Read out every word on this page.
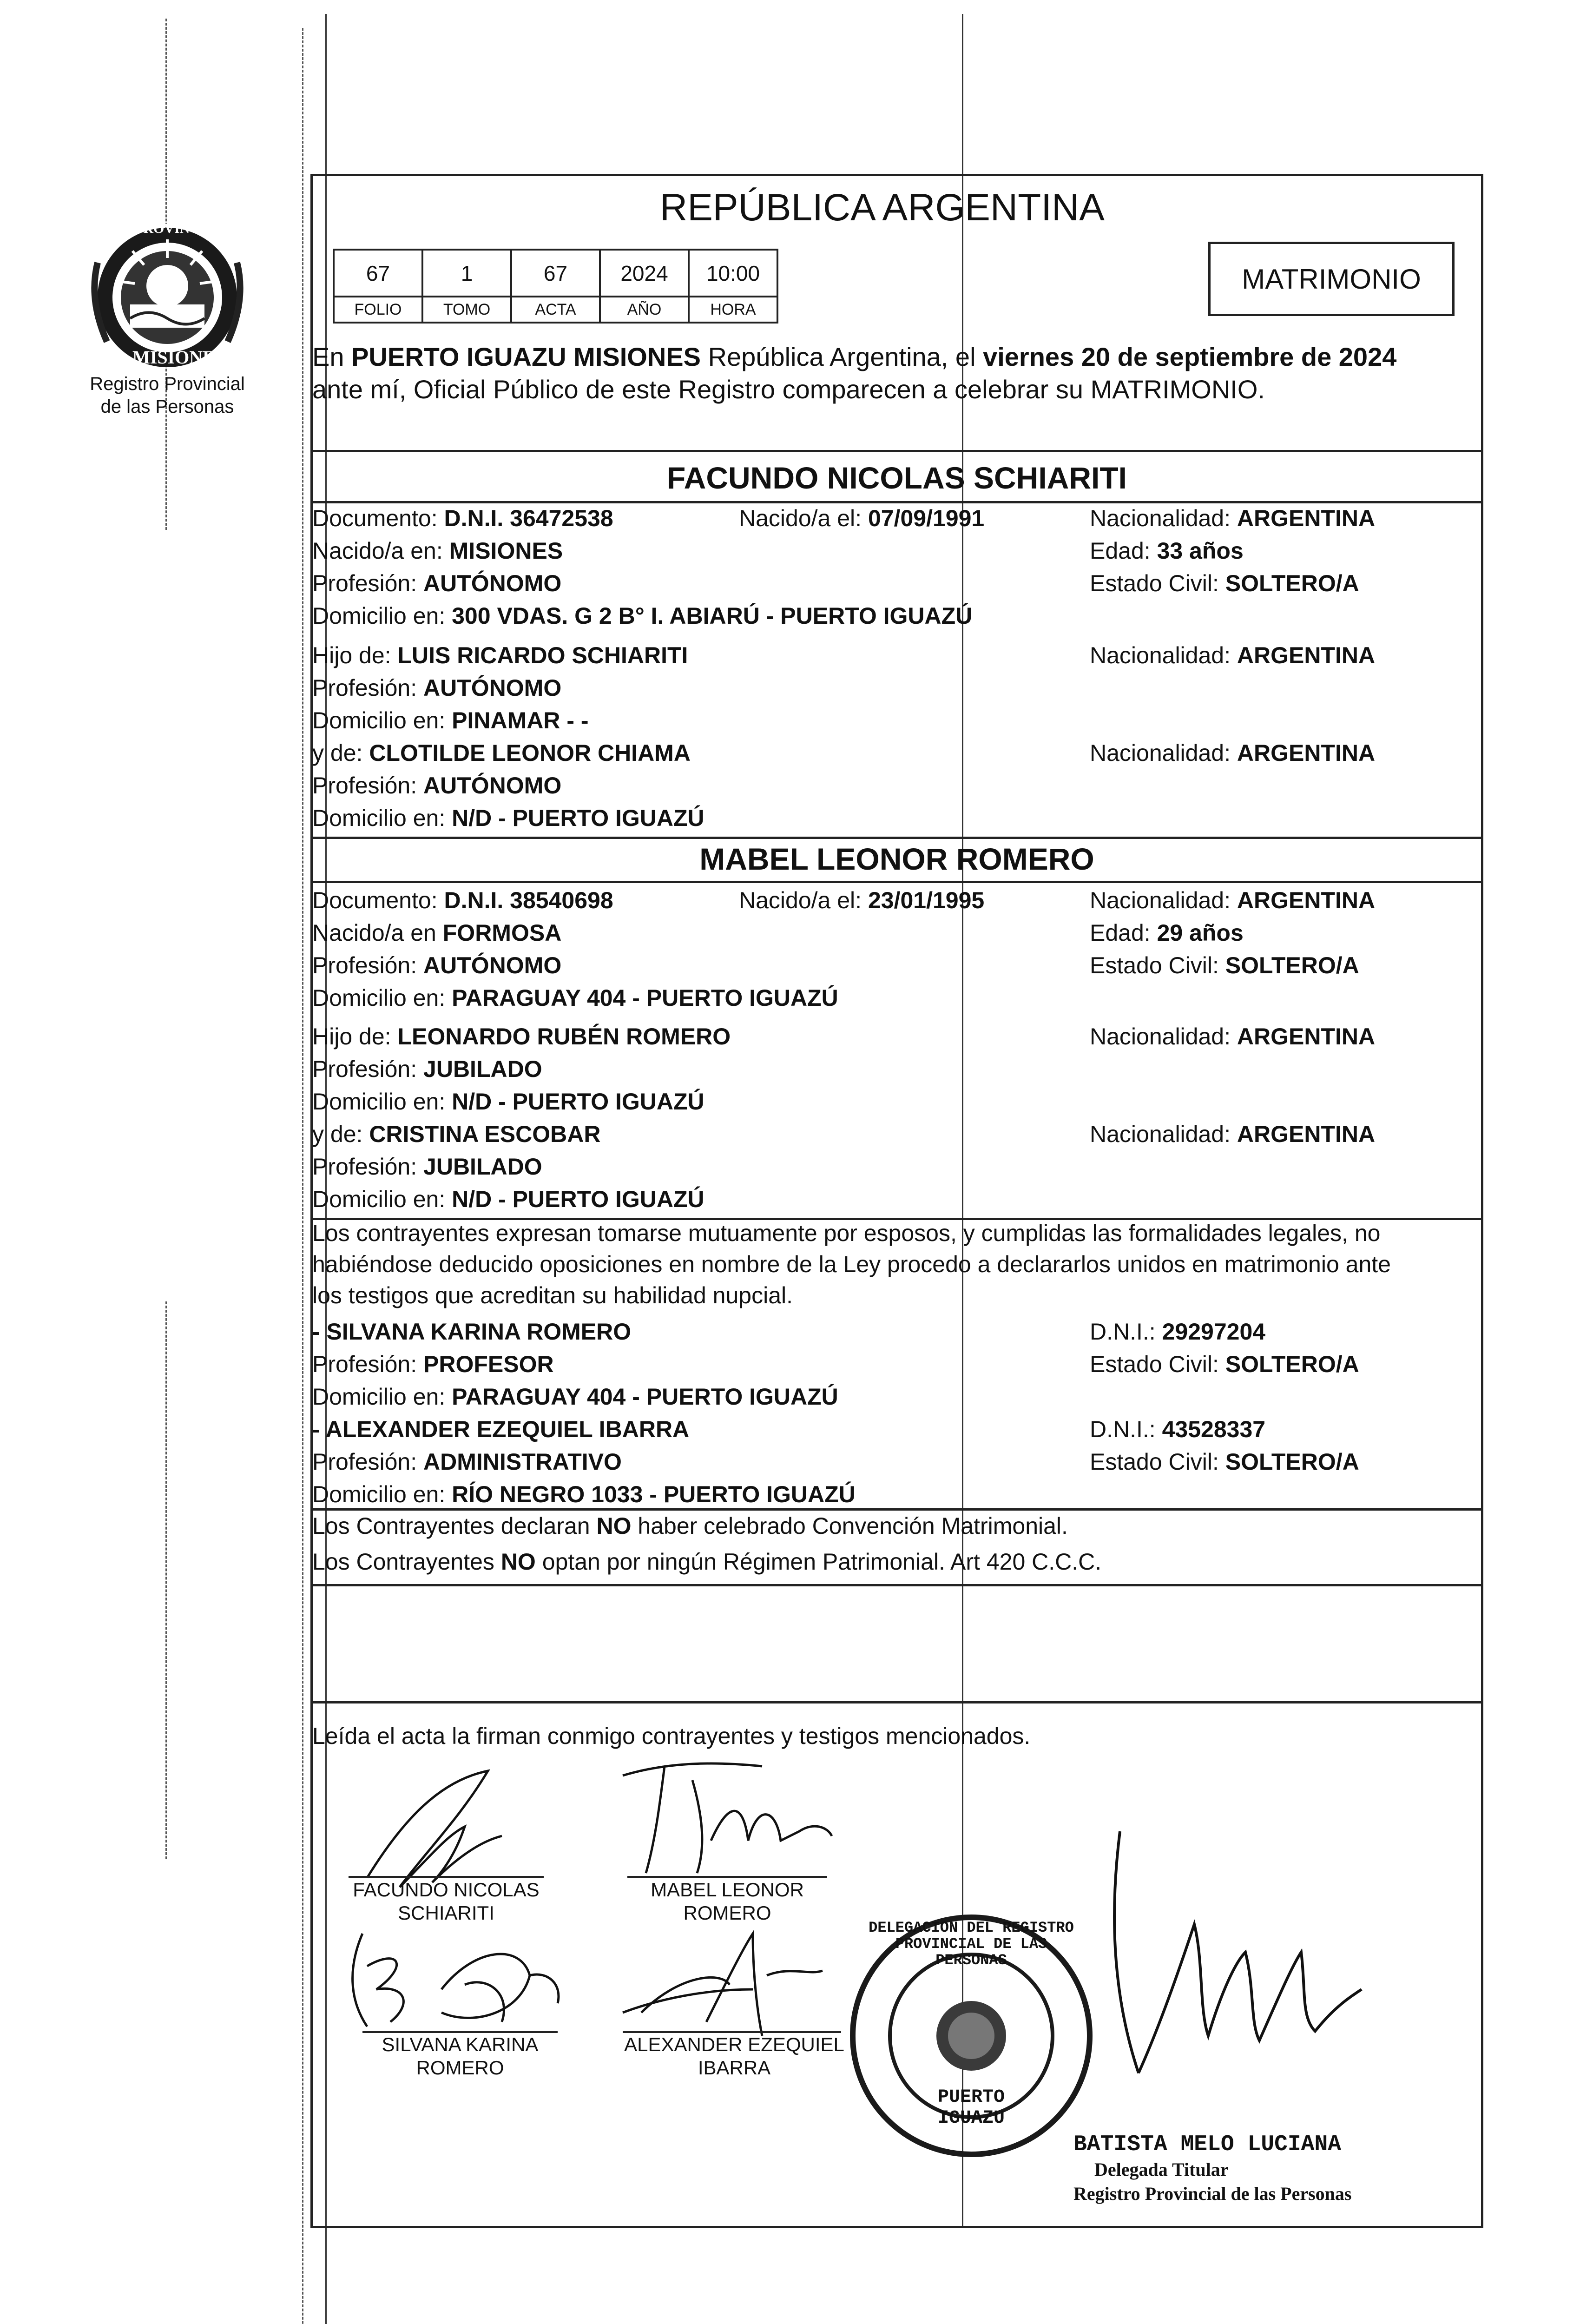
PROVINCIA DE
MISIONES
Registro Provincial
de las Personas
REPÚBLICA ARGENTINA
MATRIMONIO
67	1	67	2024	10:00
FOLIO	TOMO	ACTA	AÑO	HORA
En PUERTO IGUAZU MISIONES República Argentina, el viernes 20 de septiembre de 2024
ante mí, Oficial Público de este Registro comparecen a celebrar su MATRIMONIO.
FACUNDO NICOLAS SCHIARITI
Documento: D.N.I. 36472538	Nacido/a el: 07/09/1991	Nacionalidad: ARGENTINA
Nacido/a en: MISIONES	Edad: 33 años
Profesión: AUTÓNOMO	Estado Civil: SOLTERO/A
Domicilio en: 300 VDAS. G 2 B° I. ABIARÚ - PUERTO IGUAZÚ
Hijo de: LUIS RICARDO SCHIARITI	Nacionalidad: ARGENTINA
Profesión: AUTÓNOMO
Domicilio en: PINAMAR - -
y de: CLOTILDE LEONOR CHIAMA	Nacionalidad: ARGENTINA
Profesión: AUTÓNOMO
Domicilio en: N/D - PUERTO IGUAZÚ
MABEL LEONOR ROMERO
Documento: D.N.I. 38540698	Nacido/a el: 23/01/1995	Nacionalidad: ARGENTINA
Nacido/a en FORMOSA	Edad: 29 años
Profesión: AUTÓNOMO	Estado Civil: SOLTERO/A
Domicilio en: PARAGUAY 404 - PUERTO IGUAZÚ
Hijo de: LEONARDO RUBÉN ROMERO	Nacionalidad: ARGENTINA
Profesión: JUBILADO
Domicilio en: N/D - PUERTO IGUAZÚ
y de: CRISTINA ESCOBAR	Nacionalidad: ARGENTINA
Profesión: JUBILADO
Domicilio en: N/D - PUERTO IGUAZÚ
Los contrayentes expresan tomarse mutuamente por esposos, y cumplidas las formalidades legales, no
habiéndose deducido oposiciones en nombre de la Ley procedo a declararlos unidos en matrimonio ante
los testigos que acreditan su habilidad nupcial.
- SILVANA KARINA ROMERO	D.N.I.: 29297204
Profesión: PROFESOR	Estado Civil: SOLTERO/A
Domicilio en: PARAGUAY 404 - PUERTO IGUAZÚ
- ALEXANDER EZEQUIEL IBARRA	D.N.I.: 43528337
Profesión: ADMINISTRATIVO	Estado Civil: SOLTERO/A
Domicilio en: RÍO NEGRO 1033 - PUERTO IGUAZÚ
Los Contrayentes declaran NO haber celebrado Convención Matrimonial.
Los Contrayentes NO optan por ningún Régimen Patrimonial. Art 420 C.C.C.
Leída el acta la firman conmigo contrayentes y testigos mencionados.
FACUNDO NICOLAS
SCHIARITI
MABEL LEONOR
ROMERO
SILVANA KARINA
ROMERO
ALEXANDER EZEQUIEL
IBARRA
DELEGACION DEL REGISTRO PROVINCIAL DE LAS PERSONAS
PUERTO IGUAZU
BATISTA MELO LUCIANA
Delegada Titular
Registro Provincial de las Personas
